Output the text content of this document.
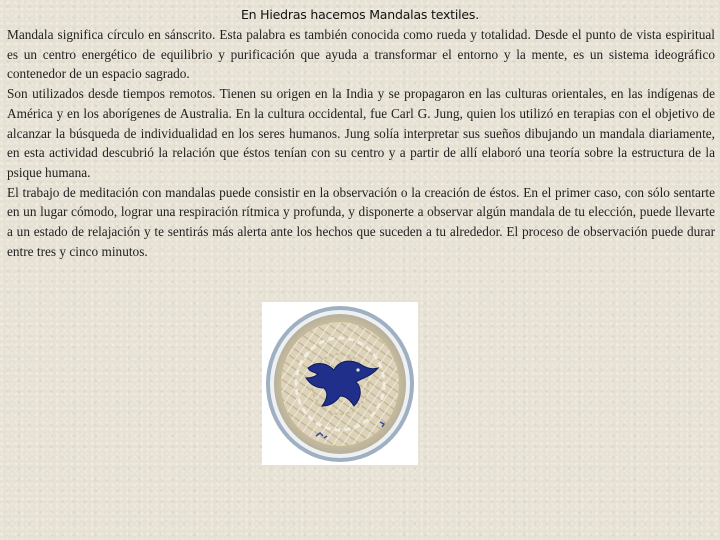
En Hiedras hacemos Mandalas textiles.

Mandala significa círculo en sánscrito. Esta palabra es también conocida como rueda y totalidad. Desde el punto de vista espiritual es un centro energético de equilibrio y purificación que ayuda a transformar el entorno y la mente, es un sistema ideográfico contenedor de un espacio sagrado.

Son utilizados desde tiempos remotos. Tienen su origen en la India y se propagaron en las culturas orientales, en las indígenas de América y en los aborígenes de Australia. En la cultura occidental, fue Carl G. Jung, quien los utilizó en terapias con el objetivo de alcanzar la búsqueda de individualidad en los seres humanos. Jung solía interpretar sus sueños dibujando un mandala diariamente, en esta actividad descubrió la relación que éstos tenían con su centro y a partir de allí elaboró una teoría sobre la estructura de la psique humana.

El trabajo de meditación con mandalas puede consistir en la observación o la creación de éstos. En el primer caso, con sólo sentarte en un lugar cómodo, lograr una respiración rítmica y profunda, y disponerte a observar algún mandala de tu elección, puede llevarte a un estado de relajación y te sentirás más alerta ante los hechos que suceden a tu alrededor. El proceso de observación puede durar entre tres y cinco minutos.
